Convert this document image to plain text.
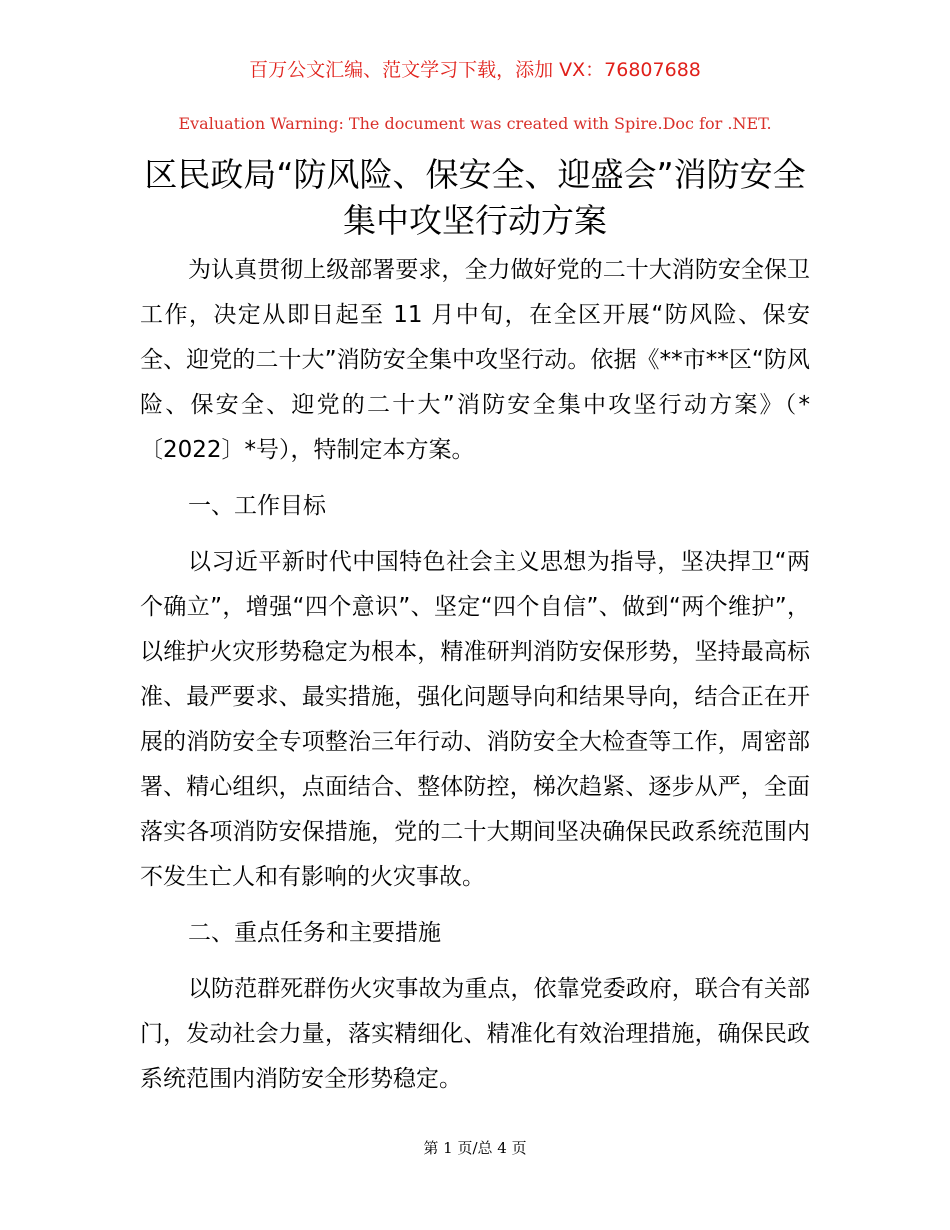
百万公文汇编、范文学习下载，添加 VX：76807688
Evaluation Warning: The document was created with Spire.Doc for .NET.
区民政局“防风险、保安全、迎盛会”消防安全集中攻坚行动方案

为认真贯彻上级部署要求，全力做好党的二十大消防安全保卫工作，决定从即日起至 11 月中旬，在全区开展“防风险、保安全、迎党的二十大”消防安全集中攻坚行动。依据《**市**区“防风险、保安全、迎党的二十大”消防安全集中攻坚行动方案》（*〔2022〕*号），特制定本方案。

一、工作目标

以习近平新时代中国特色社会主义思想为指导，坚决捍卫“两个确立”，增强“四个意识”、坚定“四个自信”、做到“两个维护”，以维护火灾形势稳定为根本，精准研判消防安保形势，坚持最高标准、最严要求、最实措施，强化问题导向和结果导向，结合正在开展的消防安全专项整治三年行动、消防安全大检查等工作，周密部署、精心组织，点面结合、整体防控，梯次趋紧、逐步从严，全面落实各项消防安保措施，党的二十大期间坚决确保民政系统范围内不发生亡人和有影响的火灾事故。

二、重点任务和主要措施

以防范群死群伤火灾事故为重点，依靠党委政府，联合有关部门，发动社会力量，落实精细化、精准化有效治理措施，确保民政系统范围内消防安全形势稳定。

第 1 页/总 4 页
